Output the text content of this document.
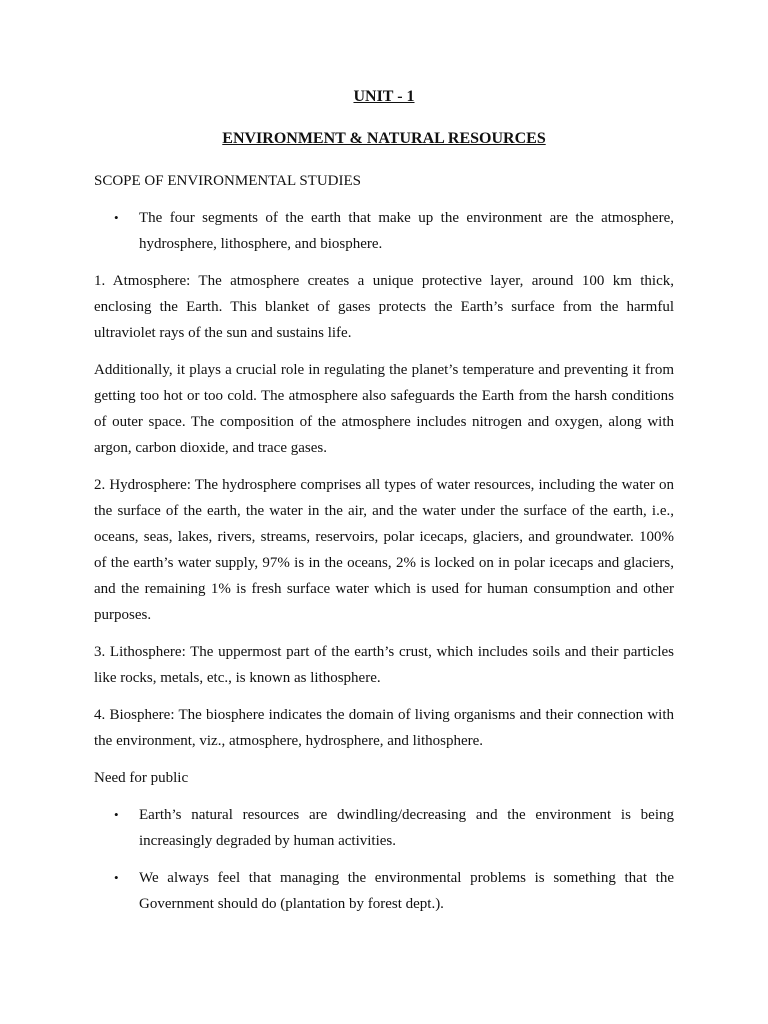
UNIT - 1
ENVIRONMENT & NATURAL RESOURCES
SCOPE OF ENVIRONMENTAL STUDIES
• The four segments of the earth that make up the environment are the atmosphere, hydrosphere, lithosphere, and biosphere.

1. Atmosphere: The atmosphere creates a unique protective layer, around 100 km thick, enclosing the Earth. This blanket of gases protects the Earth’s surface from the harmful ultraviolet rays of the sun and sustains life.

Additionally, it plays a crucial role in regulating the planet’s temperature and preventing it from getting too hot or too cold. The atmosphere also safeguards the Earth from the harsh conditions of outer space. The composition of the atmosphere includes nitrogen and oxygen, along with argon, carbon dioxide, and trace gases.

2. Hydrosphere: The hydrosphere comprises all types of water resources, including the water on the surface of the earth, the water in the air, and the water under the surface of the earth, i.e., oceans, seas, lakes, rivers, streams, reservoirs, polar icecaps, glaciers, and groundwater. 100% of the earth’s water supply, 97% is in the oceans, 2% is locked on in polar icecaps and glaciers, and the remaining 1% is fresh surface water which is used for human consumption and other purposes.

3. Lithosphere: The uppermost part of the earth’s crust, which includes soils and their particles like rocks, metals, etc., is known as lithosphere.

4. Biosphere: The biosphere indicates the domain of living organisms and their connection with the environment, viz., atmosphere, hydrosphere, and lithosphere.

Need for public

• Earth’s natural resources are dwindling/decreasing and the environment is being increasingly degraded by human activities.
• We always feel that managing the environmental problems is something that the Government should do (plantation by forest dept.).
